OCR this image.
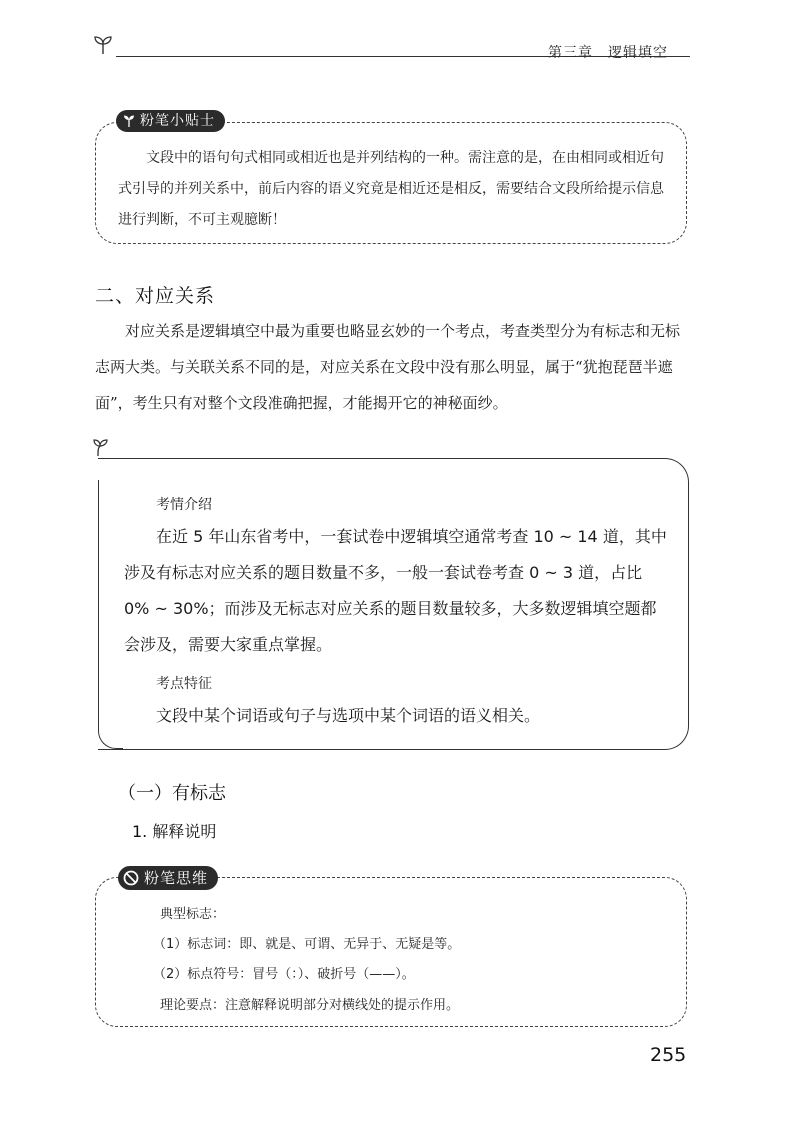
第三章　逻辑填空
粉笔小贴士
文段中的语句句式相同或相近也是并列结构的一种。需注意的是，在由相同或相近句式引导的并列关系中，前后内容的语义究竟是相近还是相反，需要结合文段所给提示信息进行判断，不可主观臆断！
二、对应关系
对应关系是逻辑填空中最为重要也略显玄妙的一个考点，考查类型分为有标志和无标志两大类。与关联关系不同的是，对应关系在文段中没有那么明显，属于“犹抱琵琶半遮面”，考生只有对整个文段准确把握，才能揭开它的神秘面纱。
考情介绍
在近 5 年山东省考中，一套试卷中逻辑填空通常考查 10 ~ 14 道，其中涉及有标志对应关系的题目数量不多，一般一套试卷考查 0 ~ 3 道，占比 0% ~ 30%；而涉及无标志对应关系的题目数量较多，大多数逻辑填空题都会涉及，需要大家重点掌握。
考点特征
文段中某个词语或句子与选项中某个词语的语义相关。
（一）有标志
1. 解释说明
粉笔思维
典型标志：
（1）标志词：即、就是、可谓、无异于、无疑是等。
（2）标点符号：冒号（：）、破折号（——）。
理论要点：注意解释说明部分对横线处的提示作用。
255
